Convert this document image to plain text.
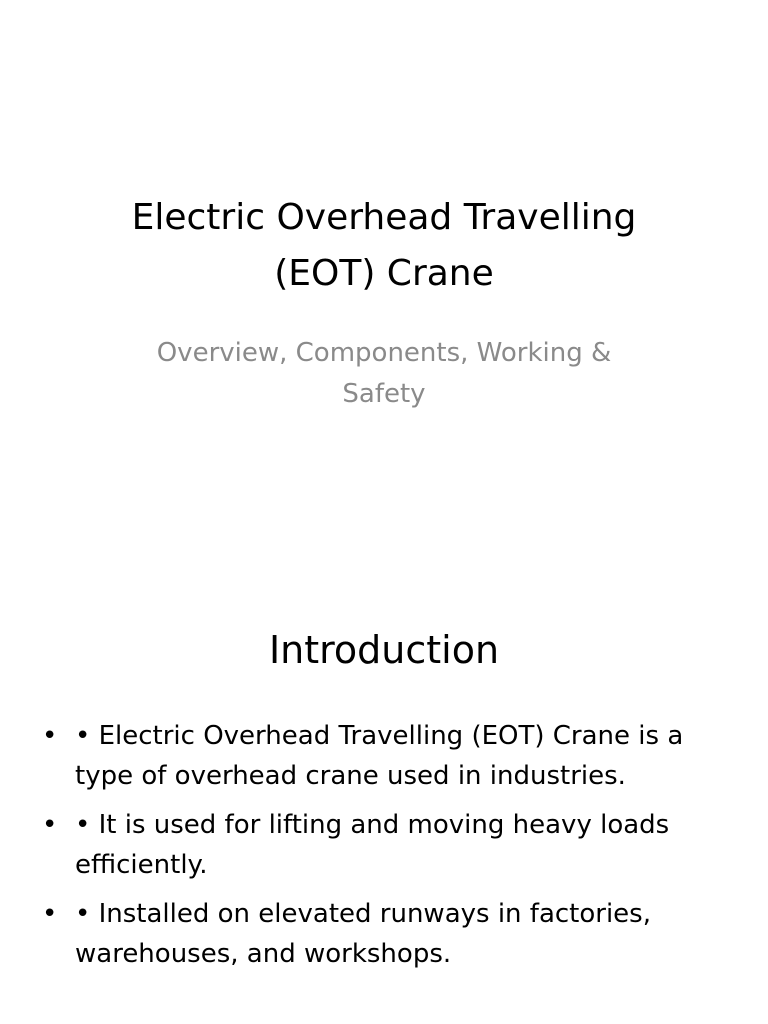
Electric Overhead Travelling
(EOT) Crane

Overview, Components, Working &
Safety

Introduction
• • Electric Overhead Travelling (EOT) Crane is a type of overhead crane used in industries.
• • It is used for lifting and moving heavy loads efficiently.
• • Installed on elevated runways in factories, warehouses, and workshops.
